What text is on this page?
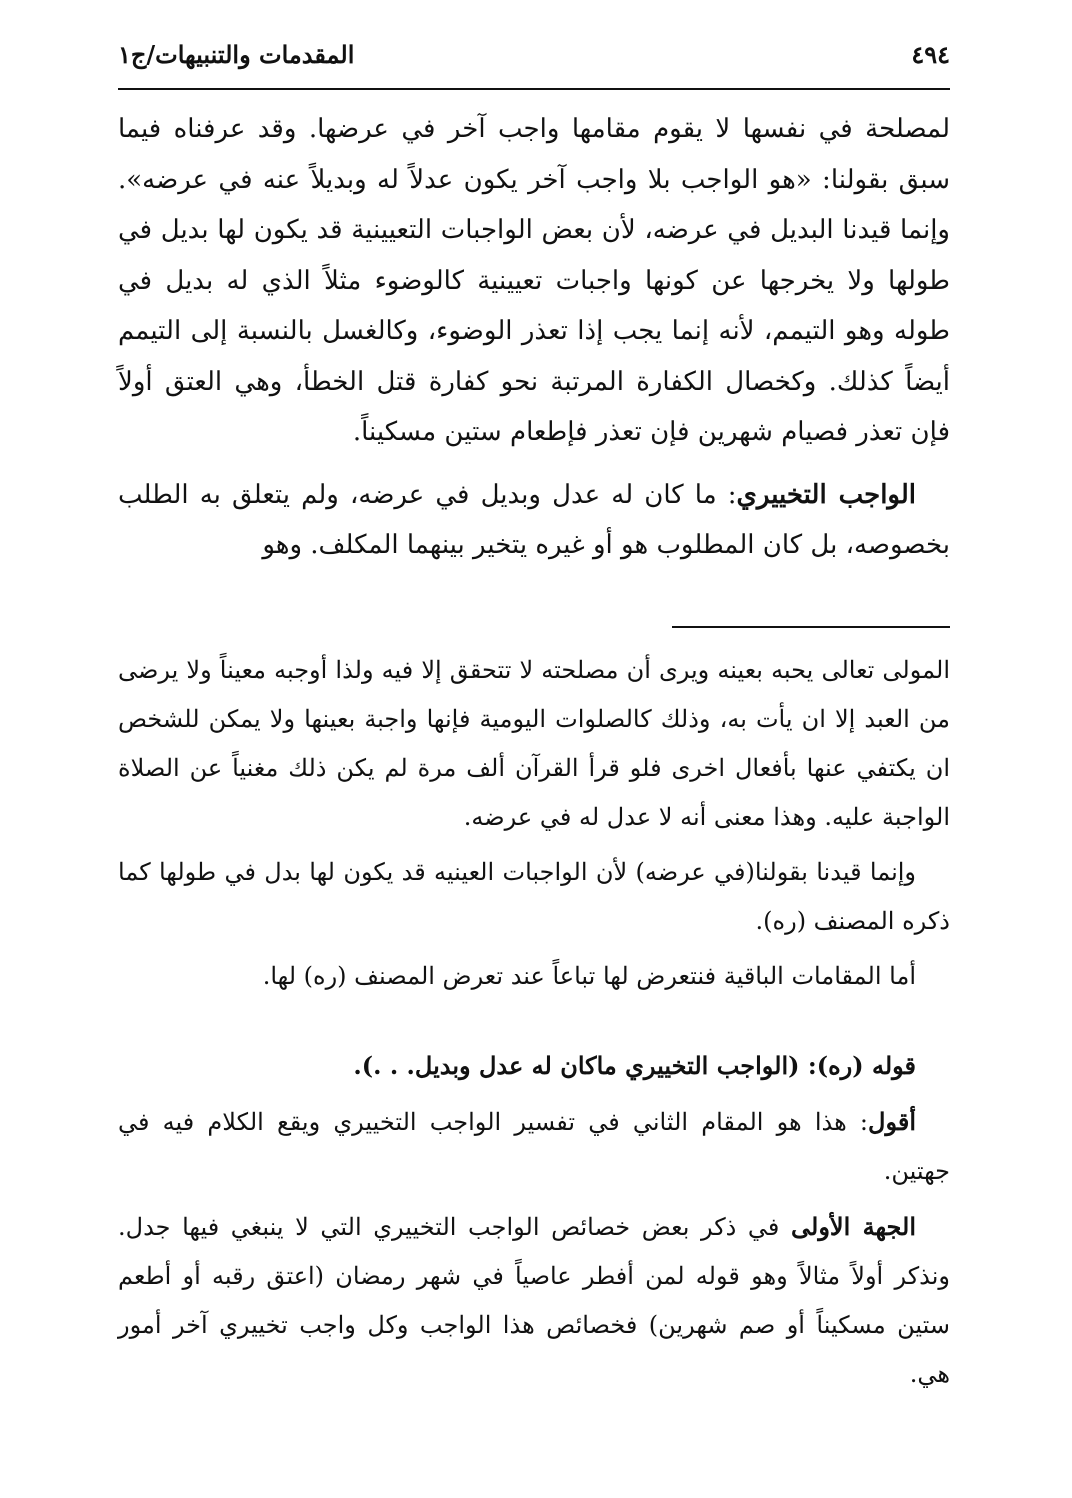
٤٩٤
المقدمات والتنبيهات/ج١

لمصلحة في نفسها لا يقوم مقامها واجب آخر في عرضها. وقد عرفناه فيما سبق بقولنا: «هو الواجب بلا واجب آخر يكون عدلاً له وبديلاً عنه في عرضه». وإنما قيدنا البديل في عرضه، لأن بعض الواجبات التعيينية قد يكون لها بديل في طولها ولا يخرجها عن كونها واجبات تعيينية كالوضوء مثلاً الذي له بديل في طوله وهو التيمم، لأنه إنما يجب إذا تعذر الوضوء، وكالغسل بالنسبة إلى التيمم أيضاً كذلك. وكخصال الكفارة المرتبة نحو كفارة قتل الخطأ، وهي العتق أولاً فإن تعذر فصيام شهرين فإن تعذر فإطعام ستين مسكيناً.

الواجب التخييري: ما كان له عدل وبديل في عرضه، ولم يتعلق به الطلب بخصوصه، بل كان المطلوب هو أو غيره يتخير بينهما المكلف. وهو

المولى تعالى يحبه بعينه ويرى أن مصلحته لا تتحقق إلا فيه ولذا أوجبه معيناً ولا يرضى من العبد إلا ان يأت به، وذلك كالصلوات اليومية فإنها واجبة بعينها ولا يمكن للشخص ان يكتفي عنها بأفعال اخرى فلو قرأ القرآن ألف مرة لم يكن ذلك مغنياً عن الصلاة الواجبة عليه. وهذا معنى أنه لا عدل له في عرضه.

وإنما قيدنا بقولنا(في عرضه) لأن الواجبات العينيه قد يكون لها بدل في طولها كما ذكره المصنف (ره).

أما المقامات الباقية فنتعرض لها تباعاً عند تعرض المصنف (ره) لها.

قوله (ره): (الواجب التخييري ماكان له عدل وبديل. . .).

أقول: هذا هو المقام الثاني في تفسير الواجب التخييري ويقع الكلام فيه في جهتين.

الجهة الأولى في ذكر بعض خصائص الواجب التخييري التي لا ينبغي فيها جدل. ونذكر أولاً مثالاً وهو قوله لمن أفطر عاصياً في شهر رمضان (اعتق رقبه أو أطعم ستين مسكيناً أو صم شهرين) فخصائص هذا الواجب وكل واجب تخييري آخر أمور هي.
